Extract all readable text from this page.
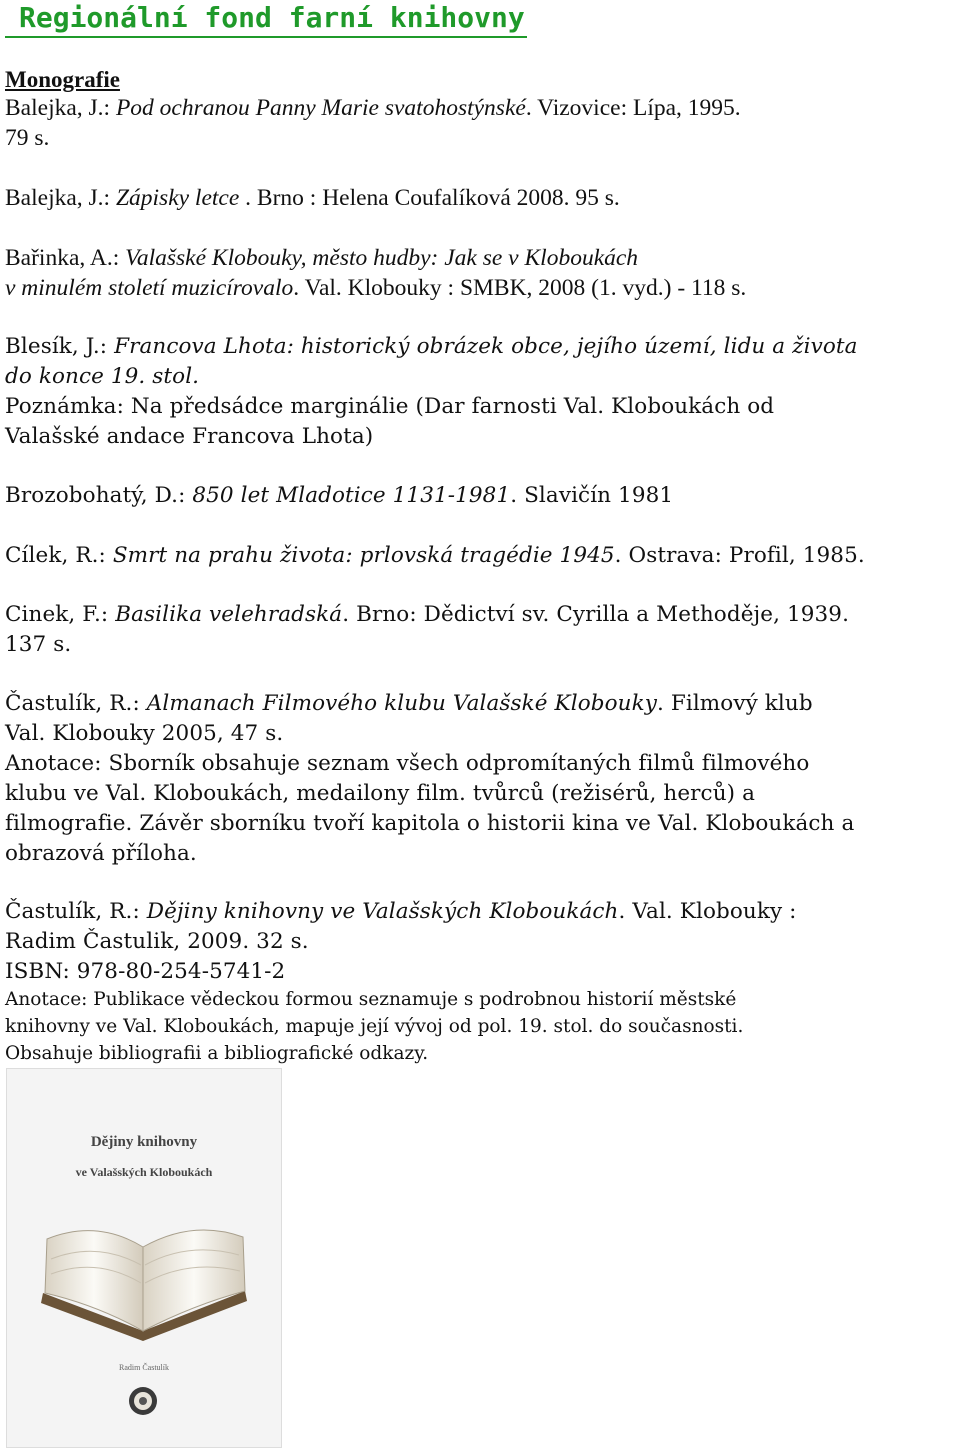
Regionální fond farní knihovny
Monografie
Balejka, J.: Pod ochranou Panny Marie svatohostýnské. Vizovice: Lípa, 1995.
79 s.
Balejka, J.: Zápisky letce . Brno : Helena Coufalíková 2008. 95 s.
Bařinka, A.: Valašské Klobouky, město hudby: Jak se v Kloboukách
v minulém století muzicírovalo. Val. Klobouky : SMBK, 2008 (1. vyd.) - 118 s.
Blesík, J.: Francova Lhota: historický obrázek obce, jejího území, lidu a života
do konce 19. stol.
Poznámka: Na předsádce marginálie (Dar farnosti Val. Kloboukách od
Valašské andace Francova Lhota)
Brozobohatý, D.: 850 let Mladotice 1131-1981. Slavičín 1981
Cílek, R.: Smrt na prahu života: prlovská tragédie 1945. Ostrava: Profil, 1985.
Cinek, F.: Basilika velehradská. Brno: Dědictví sv. Cyrilla a Methoděje, 1939.
137 s.
Častulík, R.: Almanach Filmového klubu Valašské Klobouky. Filmový klub
Val. Klobouky 2005, 47 s.
Anotace: Sborník obsahuje seznam všech odpromítaných filmů filmového
klubu ve Val. Kloboukách, medailony film. tvůrců (režisérů, herců) a
filmografie. Závěr sborníku tvoří kapitola o historii kina ve Val. Kloboukách a
obrazová příloha.
Častulík, R.: Dějiny knihovny ve Valašských Kloboukách. Val. Klobouky :
Radim Častulik, 2009. 32 s.
ISBN: 978-80-254-5741-2
Anotace: Publikace vědeckou formou seznamuje s podrobnou historií městské
knihovny ve Val. Kloboukách, mapuje její vývoj od pol. 19. stol. do současnosti.
Obsahuje bibliografii a bibliografické odkazy.
Dějiny knihovny
ve Valašských Kloboukách
Radim Častulík
